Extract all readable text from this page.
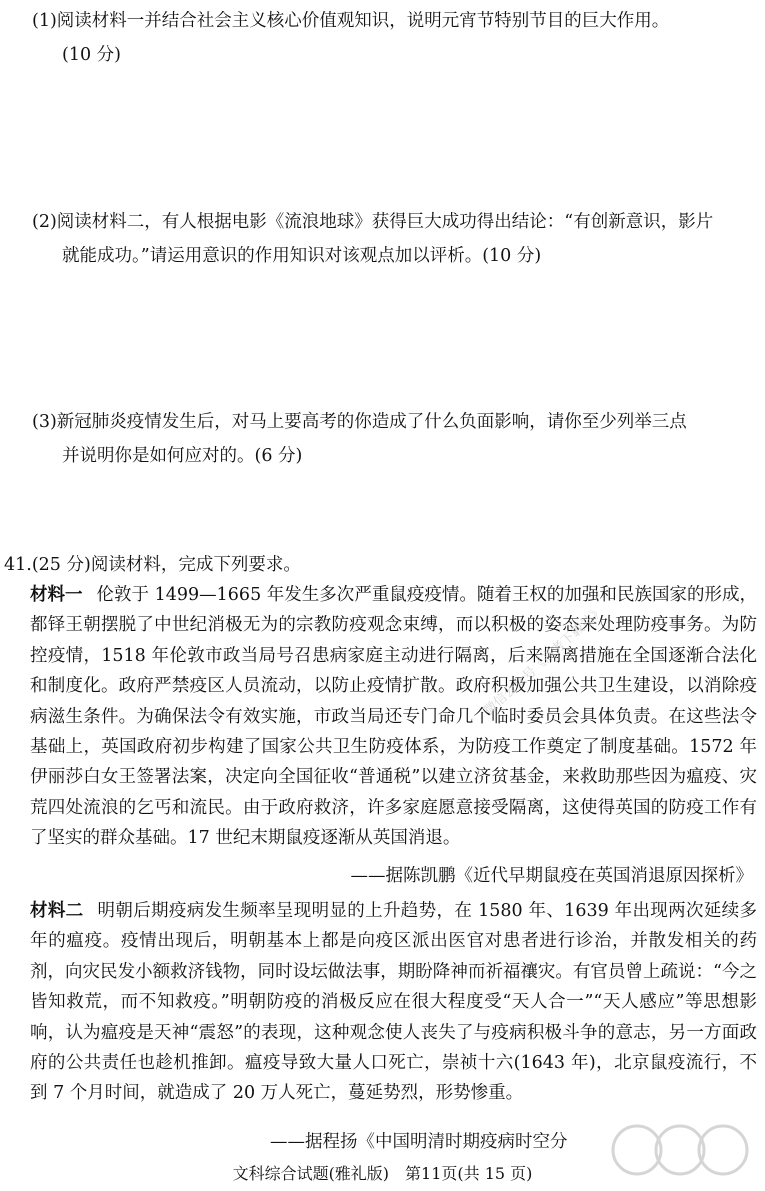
(1)阅读材料一并结合社会主义核心价值观知识，说明元宵节特别节目的巨大作用。
(10 分)
(2)阅读材料二，有人根据电影《流浪地球》获得巨大成功得出结论：“有创新意识，影片
就能成功。”请运用意识的作用知识对该观点加以评析。(10 分)
(3)新冠肺炎疫情发生后，对马上要高考的你造成了什么负面影响，请你至少列举三点
并说明你是如何应对的。(6 分)
41.(25 分)阅读材料，完成下列要求。
材料一 伦敦于 1499—1665 年发生多次严重鼠疫疫情。随着王权的加强和民族国家的形成，都铎王朝摆脱了中世纪消极无为的宗教防疫观念束缚，而以积极的姿态来处理防疫事务。为防控疫情，1518 年伦敦市政当局号召患病家庭主动进行隔离，后来隔离措施在全国逐渐合法化和制度化。政府严禁疫区人员流动，以防止疫情扩散。政府积极加强公共卫生建设，以消除疫病滋生条件。为确保法令有效实施，市政当局还专门命几个临时委员会具体负责。在这些法令基础上，英国政府初步构建了国家公共卫生防疫体系，为防疫工作奠定了制度基础。1572 年伊丽莎白女王签署法案，决定向全国征收“普通税”以建立济贫基金，来救助那些因为瘟疫、灾荒四处流浪的乞丐和流民。由于政府救济，许多家庭愿意接受隔离，这使得英国的防疫工作有了坚实的群众基础。17 世纪末期鼠疫逐渐从英国消退。
——据陈凯鹏《近代早期鼠疫在英国消退原因探析》
材料二 明朝后期疫病发生频率呈现明显的上升趋势，在 1580 年、1639 年出现两次延续多年的瘟疫。疫情出现后，明朝基本上都是向疫区派出医官对患者进行诊治，并散发相关的药剂，向灾民发小额救济钱物，同时设坛做法事，期盼降神而祈福禳灾。有官员曾上疏说：“今之皆知救荒，而不知救疫。”明朝防疫的消极反应在很大程度受“天人合一”“天人感应”等思想影响，认为瘟疫是天神“震怒”的表现，这种观念使人丧失了与疫病积极斗争的意志，另一方面政府的公共责任也趁机推卸。瘟疫导致大量人口死亡，崇祯十六(1643 年)，北京鼠疫流行，不到 7 个月时间，就造成了 20 万人死亡，蔓延势烈，形势惨重。
——据程扬《中国明清时期疫病时空分
文科综合试题(雅礼版)　第11页(共 15 页)
微信公众号《高考下载站》
